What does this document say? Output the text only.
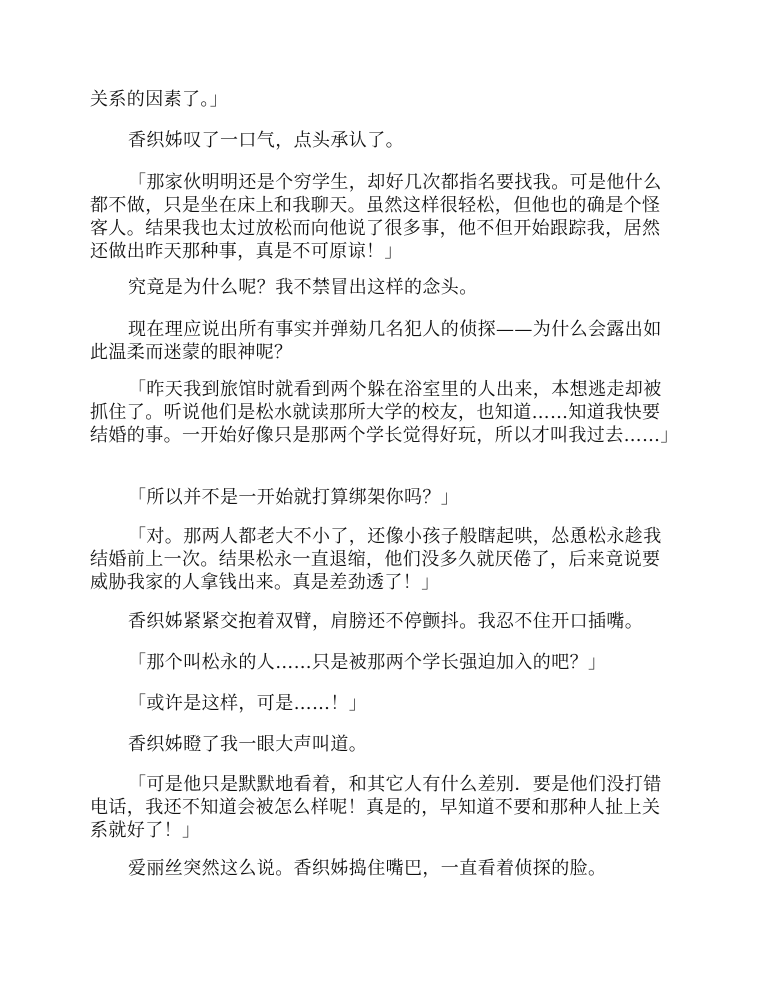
关系的因素了。」

香织姊叹了一口气，点头承认了。

「那家伙明明还是个穷学生，却好几次都指名要找我。可是他什么都不做，只是坐在床上和我聊天。虽然这样很轻松，但他也的确是个怪客人。结果我也太过放松而向他说了很多事，他不但开始跟踪我，居然还做出昨天那种事，真是不可原谅！」

究竟是为什么呢？我不禁冒出这样的念头。

现在理应说出所有事实并弹劾几名犯人的侦探——为什么会露出如此温柔而迷蒙的眼神呢？

「昨天我到旅馆时就看到两个躲在浴室里的人出来，本想逃走却被抓住了。听说他们是松水就读那所大学的校友，也知道……知道我快要结婚的事。一开始好像只是那两个学长觉得好玩，所以才叫我过去……」

「所以并不是一开始就打算绑架你吗？」

「对。那两人都老大不小了，还像小孩子般瞎起哄，怂恿松永趁我结婚前上一次。结果松永一直退缩，他们没多久就厌倦了，后来竟说要威胁我家的人拿钱出来。真是差劲透了！」

香织姊紧紧交抱着双臂，肩膀还不停颤抖。我忍不住开口插嘴。

「那个叫松永的人……只是被那两个学长强迫加入的吧？」

「或许是这样，可是……！」

香织姊瞪了我一眼大声叫道。

「可是他只是默默地看着，和其它人有什么差别．要是他们没打错电话，我还不知道会被怎么样呢！真是的，早知道不要和那种人扯上关系就好了！」

爱丽丝突然这么说。香织姊捣住嘴巴，一直看着侦探的脸。
